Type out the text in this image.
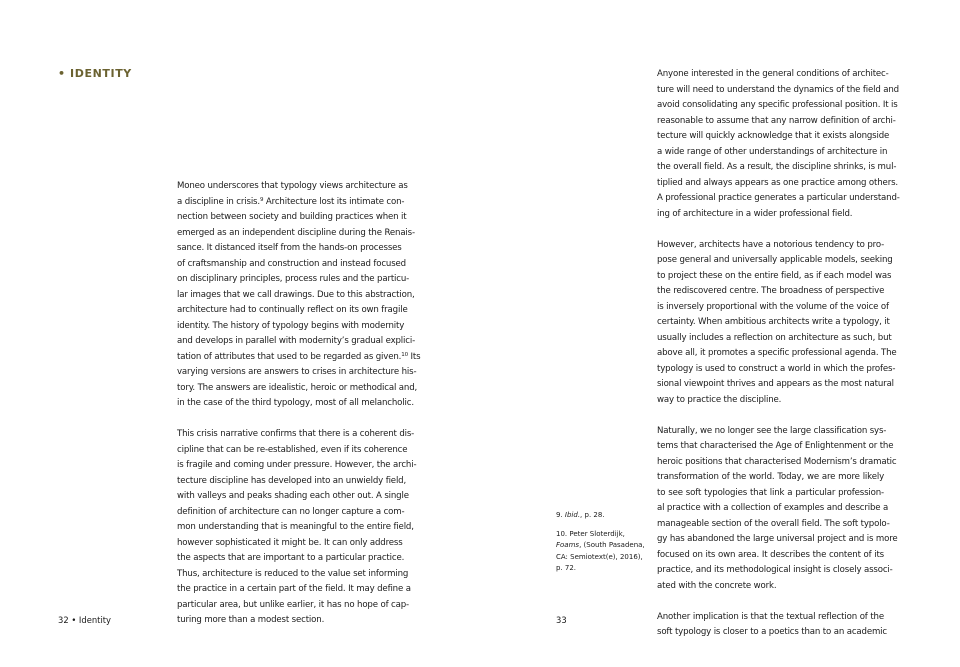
• IDENTITY

Moneo underscores that typology views architecture as
a discipline in crisis.$^9$ Architecture lost its intimate con-
nection between society and building practices when it
emerged as an independent discipline during the Renais-
sance. It distanced itself from the hands-on processes
of craftsmanship and construction and instead focused
on disciplinary principles, process rules and the particu-
lar images that we call drawings. Due to this abstraction,
architecture had to continually reflect on its own fragile
identity. The history of typology begins with modernity
and develops in parallel with modernity’s gradual explici-
tation of attributes that used to be regarded as given.$^{10}$ Its
varying versions are answers to crises in architecture his-
tory. The answers are idealistic, heroic or methodical and,
in the case of the third typology, most of all melancholic.

This crisis narrative confirms that there is a coherent dis-
cipline that can be re-established, even if its coherence
is fragile and coming under pressure. However, the archi-
tecture discipline has developed into an unwieldy field,
with valleys and peaks shading each other out. A single
definition of architecture can no longer capture a com-
mon understanding that is meaningful to the entire field,
however sophisticated it might be. It can only address
the aspects that are important to a particular practice.
Thus, architecture is reduced to the value set informing
the practice in a certain part of the field. It may define a
particular area, but unlike earlier, it has no hope of cap-
turing more than a modest section.

32 • Identity

Anyone interested in the general conditions of architec-
ture will need to understand the dynamics of the field and
avoid consolidating any specific professional position. It is
reasonable to assume that any narrow definition of archi-
tecture will quickly acknowledge that it exists alongside
a wide range of other understandings of architecture in
the overall field. As a result, the discipline shrinks, is mul-
tiplied and always appears as one practice among others.
A professional practice generates a particular understand-
ing of architecture in a wider professional field.

However, architects have a notorious tendency to pro-
pose general and universally applicable models, seeking
to project these on the entire field, as if each model was
the rediscovered centre. The broadness of perspective
is inversely proportional with the volume of the voice of
certainty. When ambitious architects write a typology, it
usually includes a reflection on architecture as such, but
above all, it promotes a specific professional agenda. The
typology is used to construct a world in which the profes-
sional viewpoint thrives and appears as the most natural
way to practice the discipline.

Naturally, we no longer see the large classification sys-
tems that characterised the Age of Enlightenment or the
heroic positions that characterised Modernism’s dramatic
transformation of the world. Today, we are more likely
to see soft typologies that link a particular profession-
al practice with a collection of examples and describe a
manageable section of the overall field. The soft typolo-
gy has abandoned the large universal project and is more
focused on its own area. It describes the content of its
practice, and its methodological insight is closely associ-
ated with the concrete work.

Another implication is that the textual reflection of the
soft typology is closer to a poetics than to an academic

9. Ibid., p. 28.
10. Peter Sloterdijk,
Foams, (South Pasadena,
CA: Semiotext(e), 2016),
p. 72.
33
